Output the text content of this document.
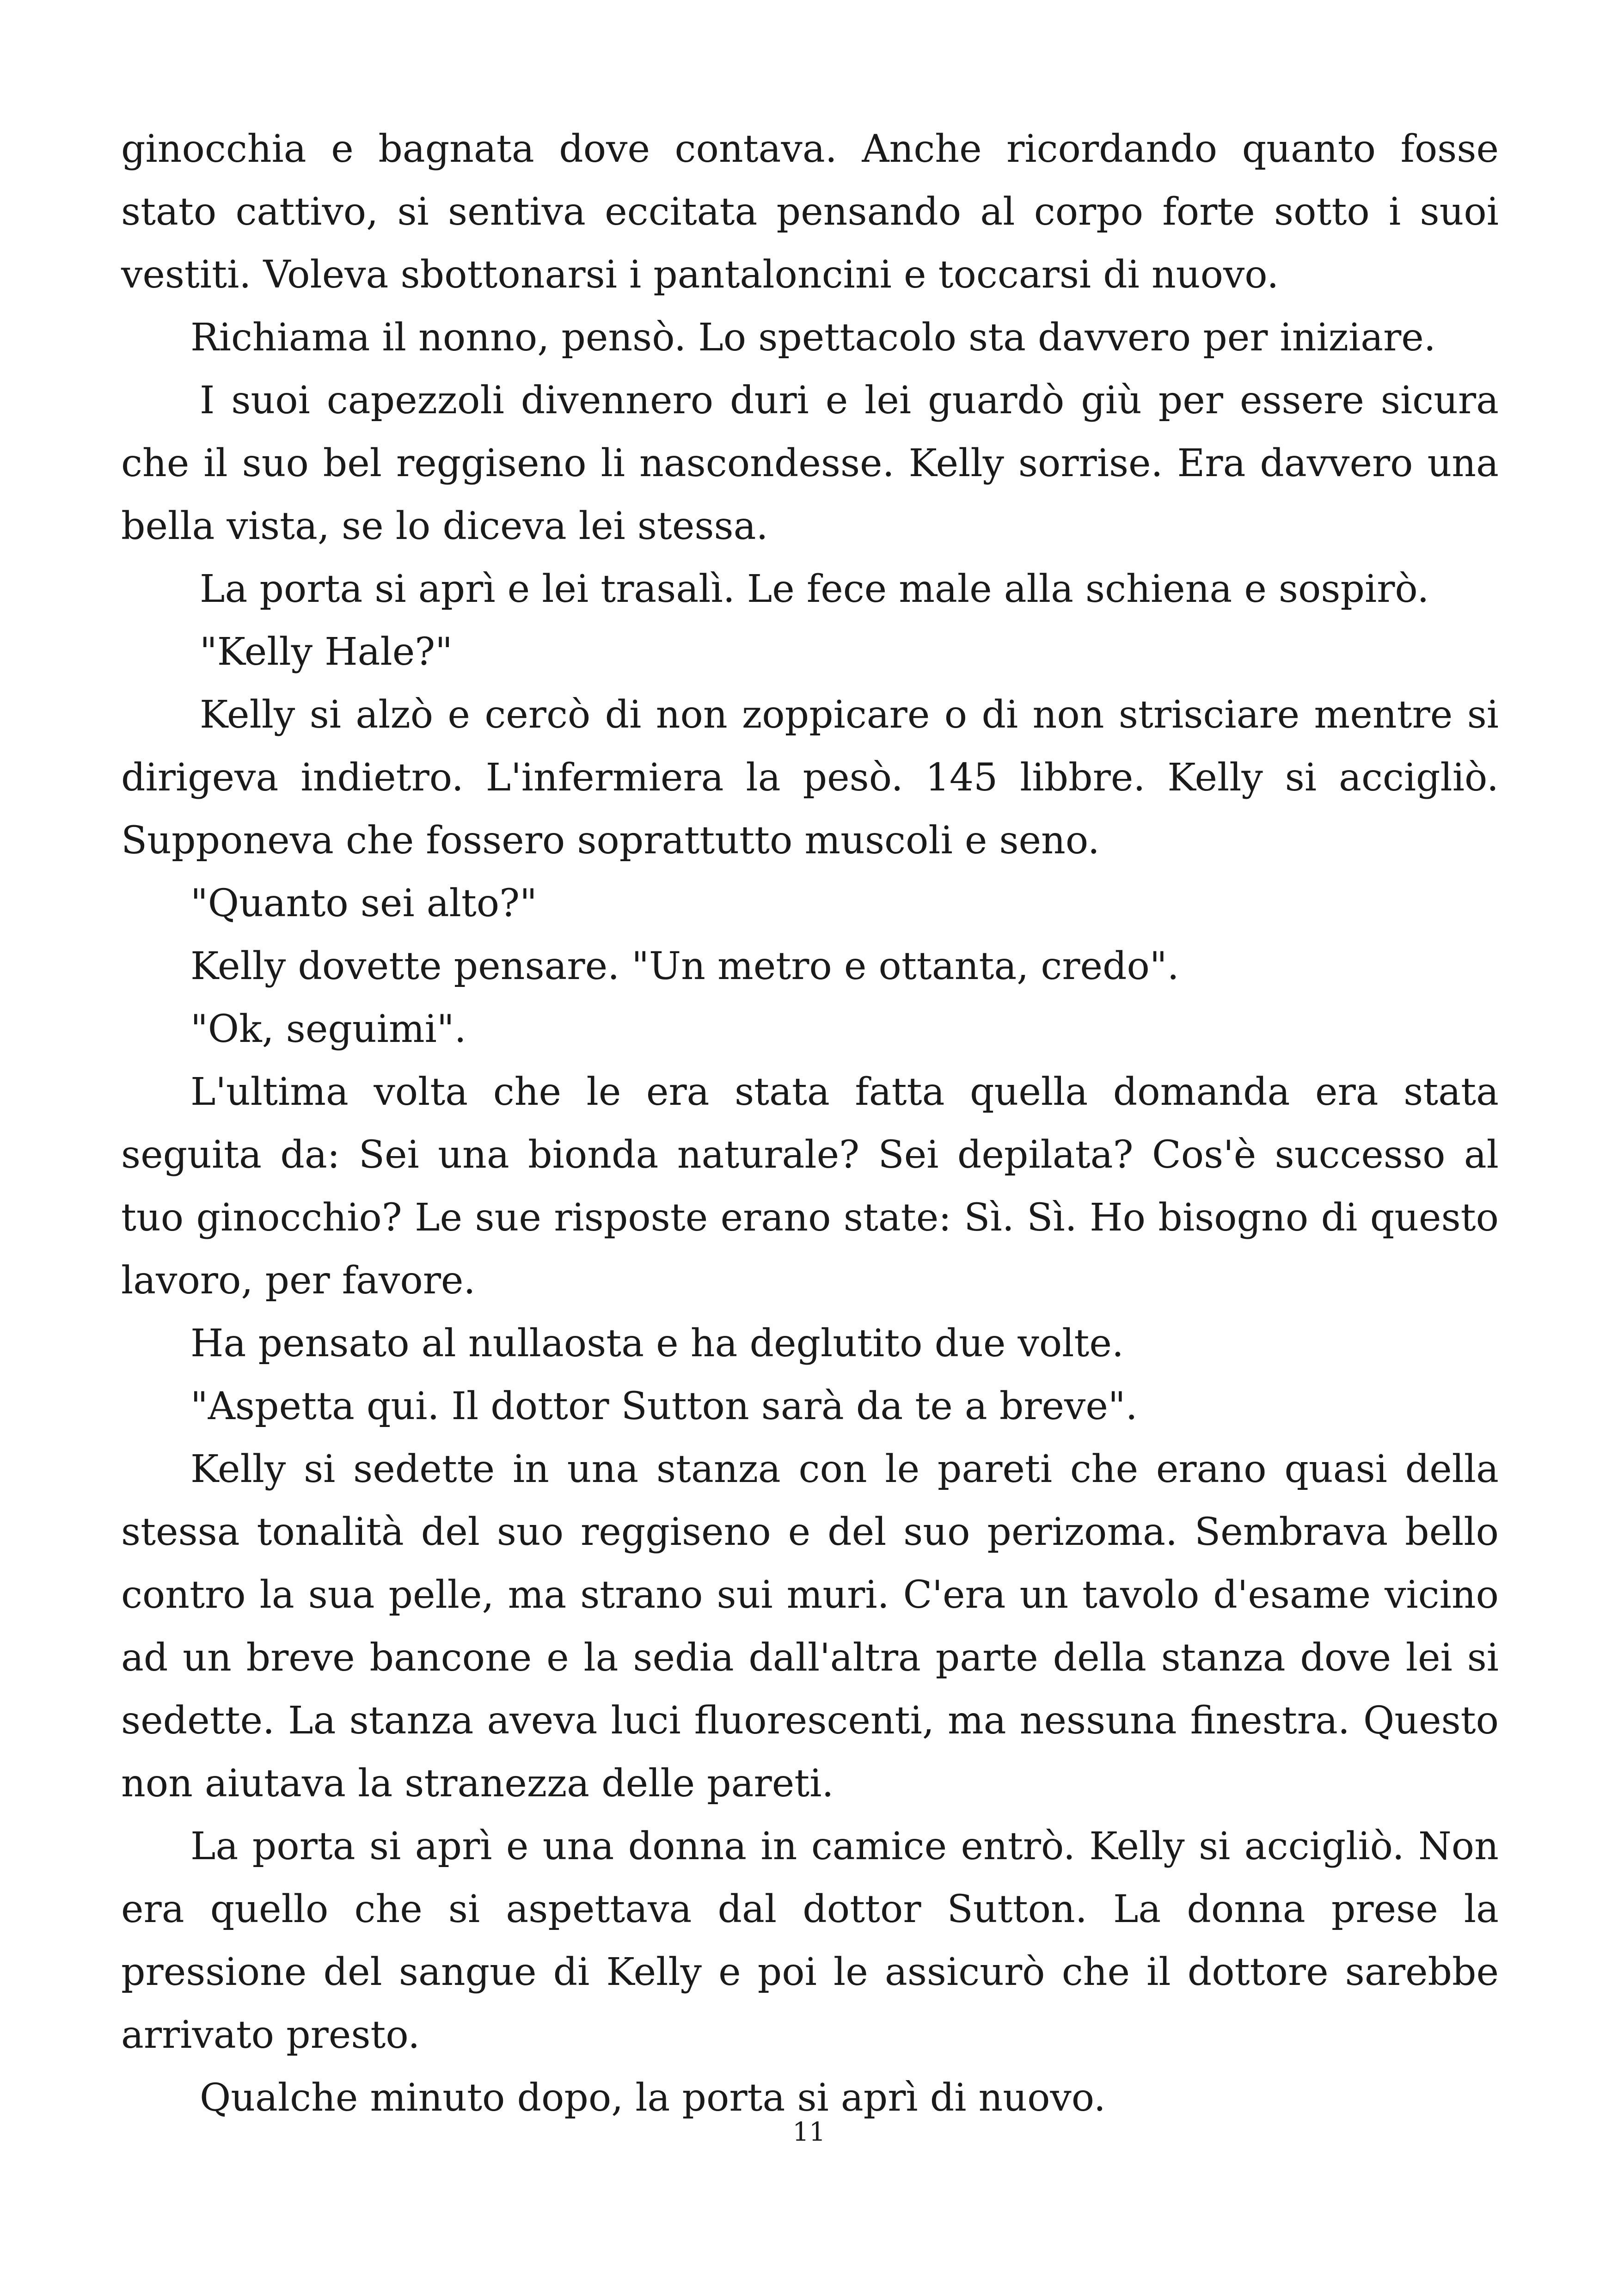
ginocchia e bagnata dove contava. Anche ricordando quanto fosse stato cattivo, si sentiva eccitata pensando al corpo forte sotto i suoi vestiti. Voleva sbottonarsi i pantaloncini e toccarsi di nuovo.

Richiama il nonno, pensò. Lo spettacolo sta davvero per iniziare.

I suoi capezzoli divennero duri e lei guardò giù per essere sicura che il suo bel reggiseno li nascondesse. Kelly sorrise. Era davvero una bella vista, se lo diceva lei stessa.

La porta si aprì e lei trasalì. Le fece male alla schiena e sospirò.

"Kelly Hale?"

Kelly si alzò e cercò di non zoppicare o di non strisciare mentre si dirigeva indietro. L'infermiera la pesò. 145 libbre. Kelly si accigliò. Supponeva che fossero soprattutto muscoli e seno.

"Quanto sei alto?"

Kelly dovette pensare. "Un metro e ottanta, credo".

"Ok, seguimi".

L'ultima volta che le era stata fatta quella domanda era stata seguita da: Sei una bionda naturale? Sei depilata? Cos'è successo al tuo ginocchio? Le sue risposte erano state: Sì. Sì. Ho bisogno di questo lavoro, per favore.

Ha pensato al nullaosta e ha deglutito due volte.

"Aspetta qui. Il dottor Sutton sarà da te a breve".

Kelly si sedette in una stanza con le pareti che erano quasi della stessa tonalità del suo reggiseno e del suo perizoma. Sembrava bello contro la sua pelle, ma strano sui muri. C'era un tavolo d'esame vicino ad un breve bancone e la sedia dall'altra parte della stanza dove lei si sedette. La stanza aveva luci fluorescenti, ma nessuna finestra. Questo non aiutava la stranezza delle pareti.

La porta si aprì e una donna in camice entrò. Kelly si accigliò. Non era quello che si aspettava dal dottor Sutton. La donna prese la pressione del sangue di Kelly e poi le assicurò che il dottore sarebbe arrivato presto.

Qualche minuto dopo, la porta si aprì di nuovo.

11
